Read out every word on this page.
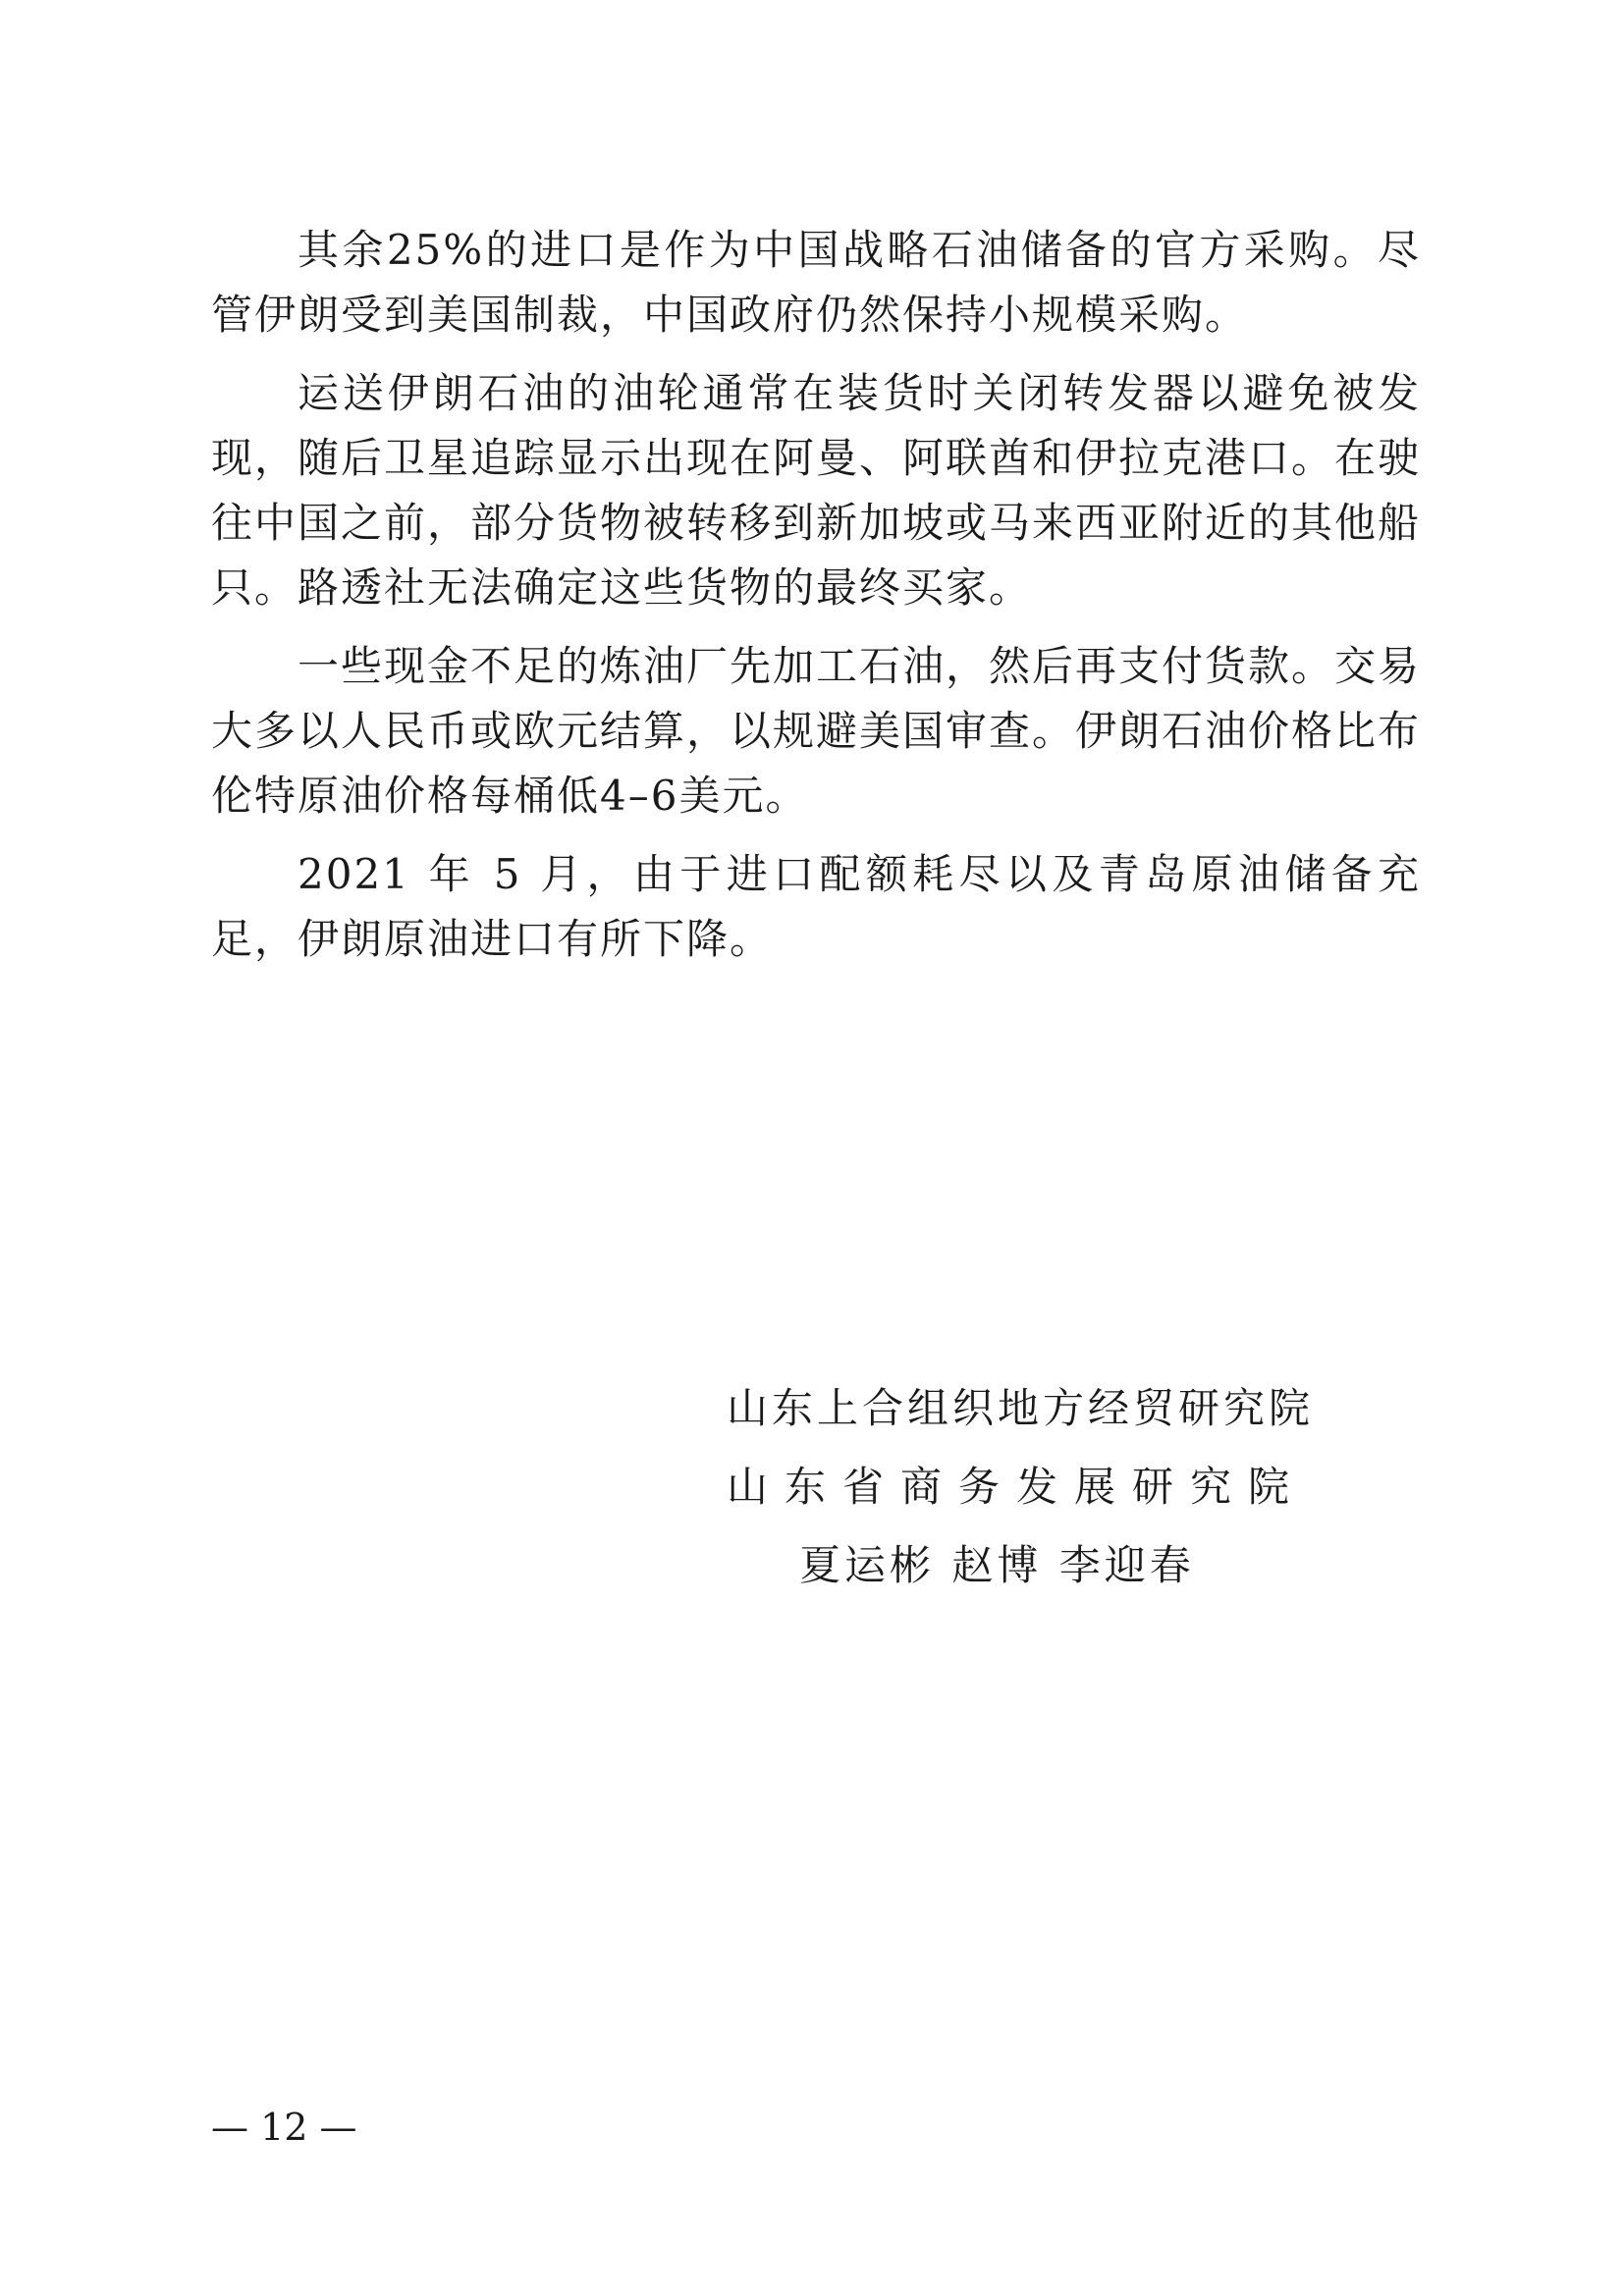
其余25%的进口是作为中国战略石油储备的官方采购。尽管伊朗受到美国制裁，中国政府仍然保持小规模采购。

运送伊朗石油的油轮通常在装货时关闭转发器以避免被发现，随后卫星追踪显示出现在阿曼、阿联酋和伊拉克港口。在驶往中国之前，部分货物被转移到新加坡或马来西亚附近的其他船只。路透社无法确定这些货物的最终买家。

一些现金不足的炼油厂先加工石油，然后再支付货款。交易大多以人民币或欧元结算，以规避美国审查。伊朗石油价格比布伦特原油价格每桶低4–6美元。

2021 年 5 月，由于进口配额耗尽以及青岛原油储备充足，伊朗原油进口有所下降。

山东上合组织地方经贸研究院
山东省商务发展研究院
夏运彬 赵博 李迎春
— 12 —
